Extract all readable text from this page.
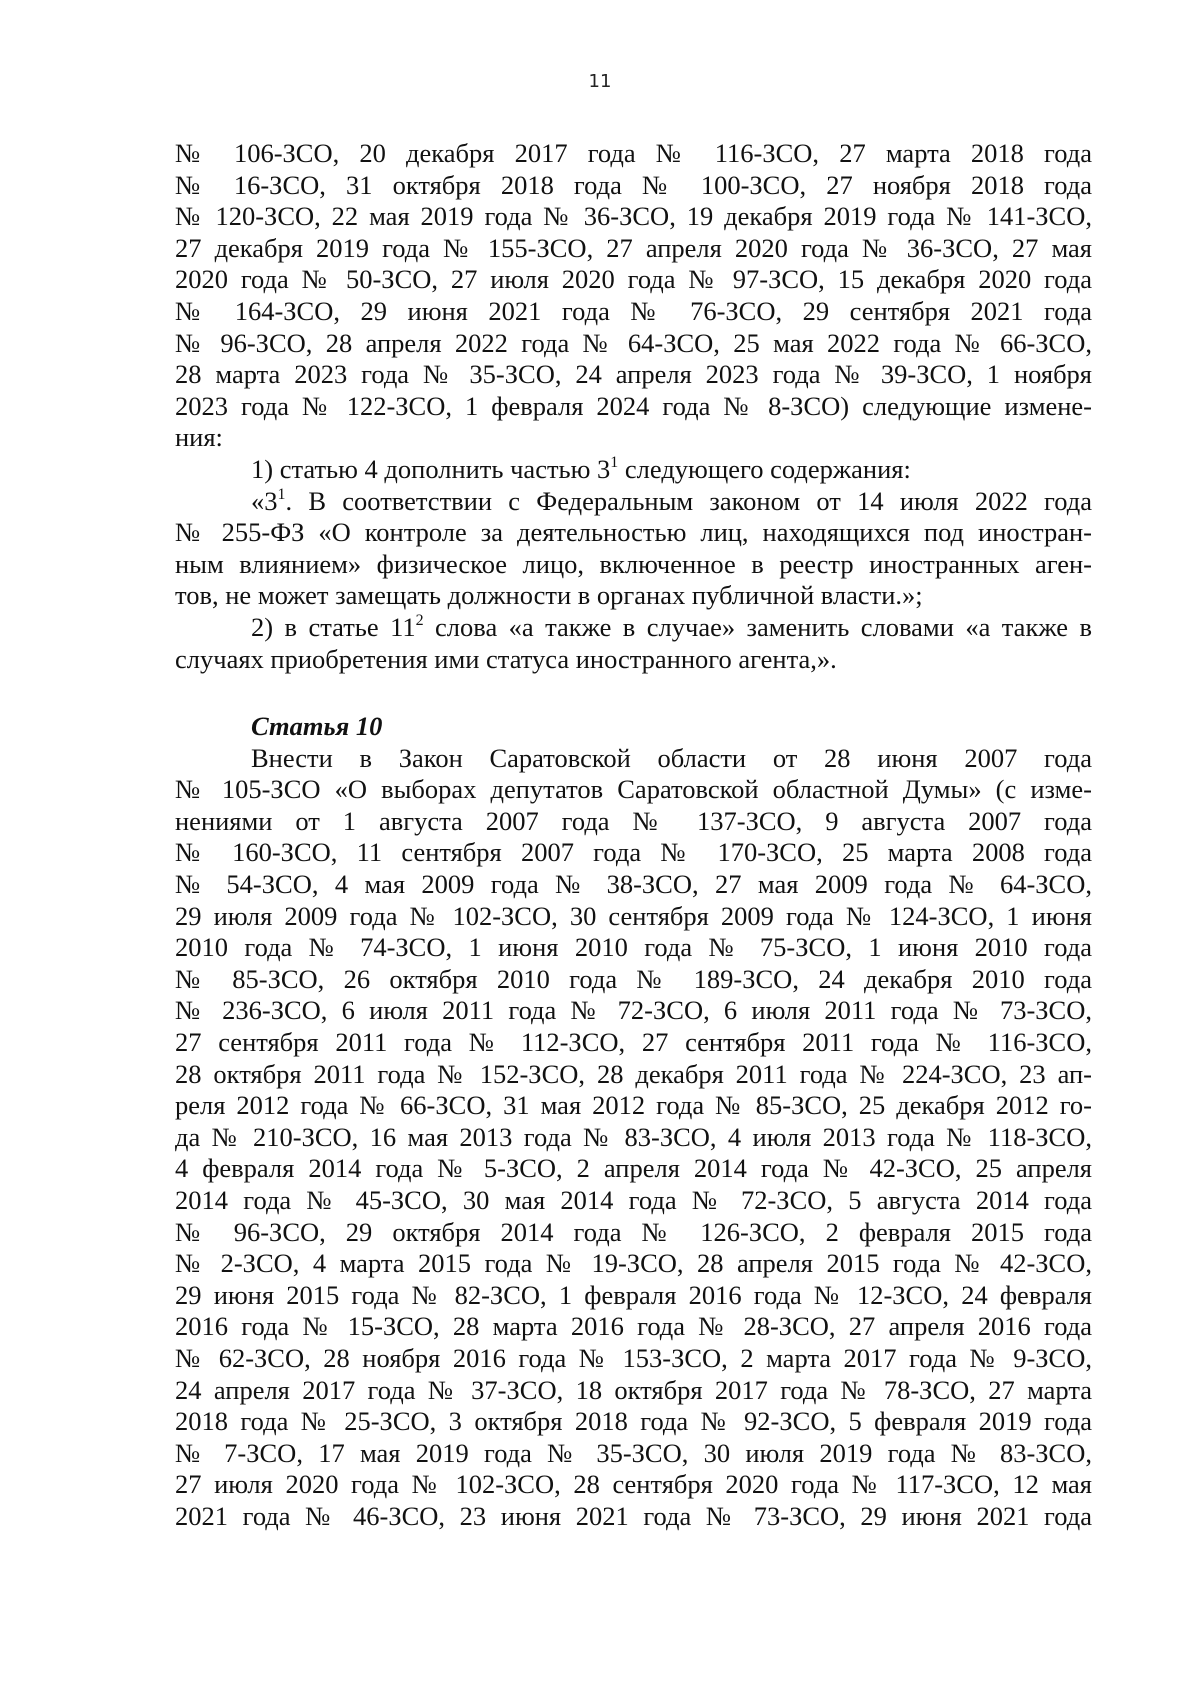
11
№ 106-ЗСО, 20 декабря 2017 года № 116-ЗСО, 27 марта 2018 года
№ 16-ЗСО, 31 октября 2018 года № 100-ЗСО, 27 ноября 2018 года
№ 120-ЗСО, 22 мая 2019 года № 36-ЗСО, 19 декабря 2019 года № 141-ЗСО,
27 декабря 2019 года № 155-ЗСО, 27 апреля 2020 года № 36-ЗСО, 27 мая
2020 года № 50-ЗСО, 27 июля 2020 года № 97-ЗСО, 15 декабря 2020 года
№ 164-ЗСО, 29 июня 2021 года № 76-ЗСО, 29 сентября 2021 года
№ 96-ЗСО, 28 апреля 2022 года № 64-ЗСО, 25 мая 2022 года № 66-ЗСО,
28 марта 2023 года № 35-ЗСО, 24 апреля 2023 года № 39-ЗСО, 1 ноября
2023 года № 122-ЗСО, 1 февраля 2024 года № 8-ЗСО) следующие измене-
ния:
1) статью 4 дополнить частью $3^1$ следующего содержания:
«$3^1$. В соответствии с Федеральным законом от 14 июля 2022 года
№ 255-ФЗ «О контроле за деятельностью лиц, находящихся под иностран-
ным влиянием» физическое лицо, включенное в реестр иностранных аген-
тов, не может замещать должности в органах публичной власти.»;
2) в статье $11^2$ слова «а также в случае» заменить словами «а также в
случаях приобретения ими статуса иностранного агента,».
Статья 10
Внести в Закон Саратовской области от 28 июня 2007 года
№ 105-ЗСО «О выборах депутатов Саратовской областной Думы» (с изме-
нениями от 1 августа 2007 года № 137-ЗСО, 9 августа 2007 года
№ 160-ЗСО, 11 сентября 2007 года № 170-ЗСО, 25 марта 2008 года
№ 54-ЗСО, 4 мая 2009 года № 38-ЗСО, 27 мая 2009 года № 64-ЗСО,
29 июля 2009 года № 102-ЗСО, 30 сентября 2009 года № 124-ЗСО, 1 июня
2010 года № 74-ЗСО, 1 июня 2010 года № 75-ЗСО, 1 июня 2010 года
№ 85-ЗСО, 26 октября 2010 года № 189-ЗСО, 24 декабря 2010 года
№ 236-ЗСО, 6 июля 2011 года № 72-ЗСО, 6 июля 2011 года № 73-ЗСО,
27 сентября 2011 года № 112-ЗСО, 27 сентября 2011 года № 116-ЗСО,
28 октября 2011 года № 152-ЗСО, 28 декабря 2011 года № 224-ЗСО, 23 ап-
реля 2012 года № 66-ЗСО, 31 мая 2012 года № 85-ЗСО, 25 декабря 2012 го-
да № 210-ЗСО, 16 мая 2013 года № 83-ЗСО, 4 июля 2013 года № 118-ЗСО,
4 февраля 2014 года № 5-ЗСО, 2 апреля 2014 года № 42-ЗСО, 25 апреля
2014 года № 45-ЗСО, 30 мая 2014 года № 72-ЗСО, 5 августа 2014 года
№ 96-ЗСО, 29 октября 2014 года № 126-ЗСО, 2 февраля 2015 года
№ 2-ЗСО, 4 марта 2015 года № 19-ЗСО, 28 апреля 2015 года № 42-ЗСО,
29 июня 2015 года № 82-ЗСО, 1 февраля 2016 года № 12-ЗСО, 24 февраля
2016 года № 15-ЗСО, 28 марта 2016 года № 28-ЗСО, 27 апреля 2016 года
№ 62-ЗСО, 28 ноября 2016 года № 153-ЗСО, 2 марта 2017 года № 9-ЗСО,
24 апреля 2017 года № 37-ЗСО, 18 октября 2017 года № 78-ЗСО, 27 марта
2018 года № 25-ЗСО, 3 октября 2018 года № 92-ЗСО, 5 февраля 2019 года
№ 7-ЗСО, 17 мая 2019 года № 35-ЗСО, 30 июля 2019 года № 83-ЗСО,
27 июля 2020 года № 102-ЗСО, 28 сентября 2020 года № 117-ЗСО, 12 мая
2021 года № 46-ЗСО, 23 июня 2021 года № 73-ЗСО, 29 июня 2021 года
